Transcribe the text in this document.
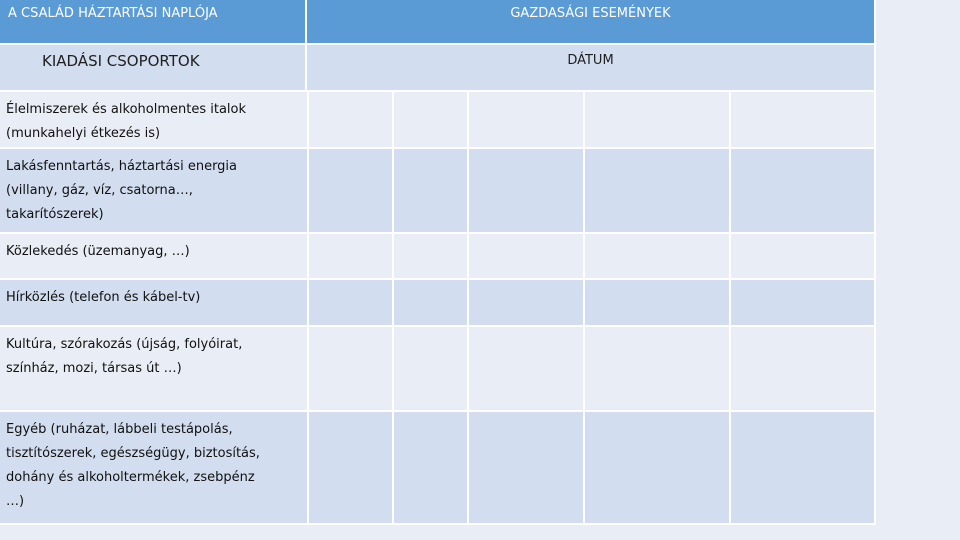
A CSALÁD HÁZTARTÁSI NAPLÓJA	GAZDASÁGI ESEMÉNYEK
KIADÁSI CSOPORTOK	DÁTUM
Élelmiszerek és alkoholmentes italok
(munkahelyi étkezés is)
Lakásfenntartás, háztartási energia
(villany, gáz, víz, csatorna…,
takarítószerek)
Közlekedés (üzemanyag, …)
Hírközlés (telefon és kábel-tv)
Kultúra, szórakozás (újság, folyóirat,
színház, mozi, társas út …)
Egyéb (ruházat, lábbeli testápolás,
tisztítószerek, egészségügy, biztosítás,
dohány és alkoholtermékek, zsebpénz
…)
